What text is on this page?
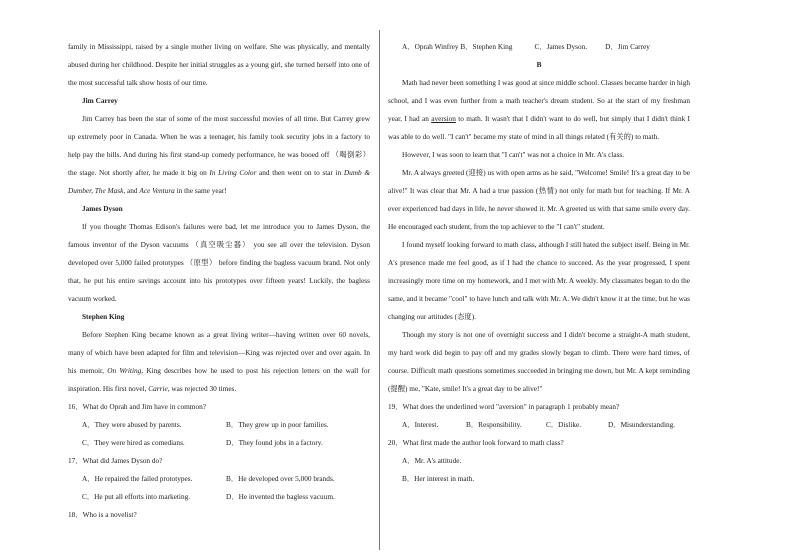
family in Mississippi, raised by a single mother living on welfare. She was physically, and mentally abused during her childhood. Despite her initial struggles as a young girl, she turned herself into one of the most successful talk show hosts of our time.

Jim Carrey

Jim Carrey has been the star of some of the most successful movies of all time. But Carrey grew up extremely poor in Canada. When he was a teenager, his family took security jobs in a factory to help pay the bills. And during his first stand-up comedy performance, he was booed off （喝倒彩） the stage. Not shortly after, he made it big on In Living Color and then went on to star in Dumb & Dumber, The Mask, and Ace Ventura in the same year!

James Dyson

If you thought Thomas Edison's failures were bad, let me introduce you to James Dyson, the famous inventor of the Dyson vacuums （真空吸尘器） you see all over the television. Dyson developed over 5,000 failed prototypes （原型） before finding the bagless vacuum brand. Not only that, he put his entire savings account into his prototypes over fifteen years! Luckily, the bagless vacuum worked.

Stephen King

Before Stephen King became known as a great living writer—having written over 60 novels, many of which have been adapted for film and television—King was rejected over and over again. In his memoir, On Writing, King describes how he used to post his rejection letters on the wall for inspiration. His first novel, Carrie, was rejected 30 times.

16．What do Oprah and Jim have in common?

A．They were abused by parents.	B．They grew up in poor families.
C．They were hired as comedians.	D．They found jobs in a factory.

17．What did James Dyson do?

A．He repaired the failed prototypes.	B．He developed over 5,000 brands.
C．He put all efforts into marketing.	D．He invented the bagless vacuum.

18．Who is a novelist?

A．Oprah Winfrey B．Stephen King	C．James Dyson. D．Jim Carrey

B

Math had never been something I was good at since middle school. Classes became harder in high school, and I was even further from a math teacher's dream student. So at the start of my freshman year, I had an aversion to math. It wasn't that I didn't want to do well, but simply that I didn't think I was able to do well. "I can't" became my state of mind in all things related (有关的) to math.

However, I was soon to learn that "I can't" was not a choice in Mr. A's class.

Mr. A always greeted (迎接) us with open arms as he said, "Welcome! Smile! It's a great day to be alive!" It was clear that Mr. A had a true passion (热情) not only for math but for teaching. If Mr. A ever experienced bad days in life, he never showed it. Mr. A greeted us with that same smile every day. He encouraged each student, from the top achiever to the "I can't" student.

I found myself looking forward to math class, although I still hated the subject itself. Being in Mr. A's presence made me feel good, as if I had the chance to succeed. As the year progressed, I spent increasingly more time on my homework, and I met with Mr. A weekly. My classmates began to do the same, and it became "cool" to have lunch and talk with Mr. A. We didn't know it at the time, but he was changing our attitudes (态度).

Though my story is not one of overnight success and I didn't become a straight-A math student, my hard work did begin to pay off and my grades slowly began to climb. There were hard times, of course. Difficult math questions sometimes succeeded in bringing me down, but Mr. A kept reminding (提醒) me, "Kate, smile! It's a great day to be alive!"

19．What does the underlined word "aversion" in paragraph 1 probably mean?

A．Interest.	B．Responsibility.	C．Dislike.	D．Misunderstanding.

20．What first made the author look forward to math class?

A．Mr. A's attitude.

B．Her interest in math.
